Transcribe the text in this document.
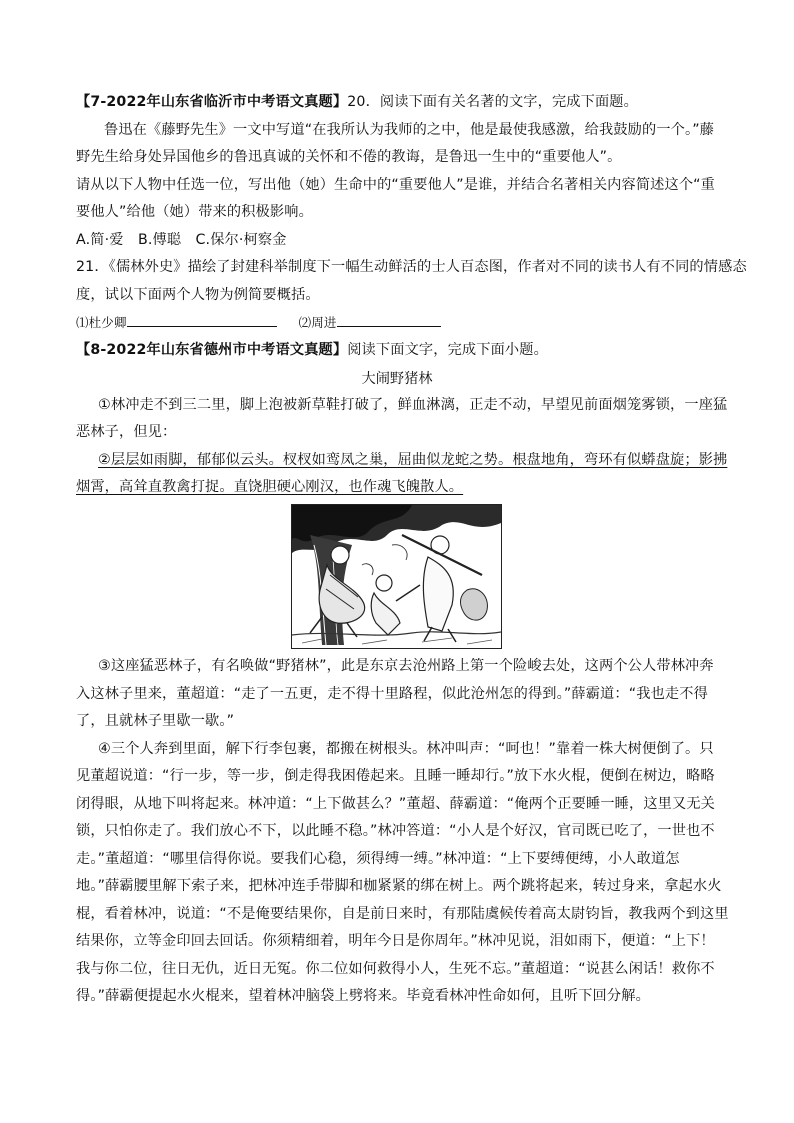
【7-2022年山东省临沂市中考语文真题】20．阅读下面有关名著的文字，完成下面题。
鲁迅在《藤野先生》一文中写道“在我所认为我师的之中，他是最使我感激，给我鼓励的一个。”藤
野先生给身处异国他乡的鲁迅真诚的关怀和不倦的教诲，是鲁迅一生中的“重要他人”。
请从以下人物中任选一位，写出他（她）生命中的“重要他人”是谁，并结合名著相关内容简述这个“重
要他人”给他（她）带来的积极影响。
A.简·爱　B.傅聪　C.保尔·柯察金
21．《儒林外史》描绘了封建科举制度下一幅生动鲜活的士人百态图，作者对不同的读书人有不同的情感态
度，试以下面两个人物为例简要概括。
⑴杜少卿	⑵周进
【8-2022年山东省德州市中考语文真题】阅读下面文字，完成下面小题。
大闹野猪林
①林冲走不到三二里，脚上泡被新草鞋打破了，鲜血淋漓，正走不动，早望见前面烟笼雾锁，一座猛
恶林子，但见：
②层层如雨脚，郁郁似云头。杈杈如鸾凤之巢，屈曲似龙蛇之势。根盘地角，弯环有似蟒盘旋；影拂
烟霄，高耸直教禽打捉。直饶胆硬心刚汉，也作魂飞魄散人。
③这座猛恶林子，有名唤做“野猪林”，此是东京去沧州路上第一个险峻去处，这两个公人带林冲奔
入这林子里来，董超道：“走了一五更，走不得十里路程，似此沧州怎的得到。”薛霸道：“我也走不得
了，且就林子里歇一歇。”
④三个人奔到里面，解下行李包裹，都搬在树根头。林冲叫声：“呵也！”靠着一株大树便倒了。只
见董超说道：“行一步，等一步，倒走得我困倦起来。且睡一睡却行。”放下水火棍，便倒在树边，略略
闭得眼，从地下叫将起来。林冲道：“上下做甚么？”董超、薛霸道：“俺两个正要睡一睡，这里又无关
锁，只怕你走了。我们放心不下，以此睡不稳。”林冲答道：“小人是个好汉，官司既已吃了，一世也不
走。”董超道：“哪里信得你说。要我们心稳，须得缚一缚。”林冲道：“上下要缚便缚，小人敢道怎
地。”薛霸腰里解下索子来，把林冲连手带脚和枷紧紧的绑在树上。两个跳将起来，转过身来，拿起水火
棍，看着林冲，说道：“不是俺要结果你，自是前日来时，有那陆虞候传着高太尉钧旨，教我两个到这里
结果你，立等金印回去回话。你须精细着，明年今日是你周年。”林冲见说，泪如雨下，便道：“上下！
我与你二位，往日无仇，近日无冤。你二位如何救得小人，生死不忘。”董超道：“说甚么闲话！救你不
得。”薛霸便提起水火棍来，望着林冲脑袋上劈将来。毕竟看林冲性命如何，且听下回分解。
